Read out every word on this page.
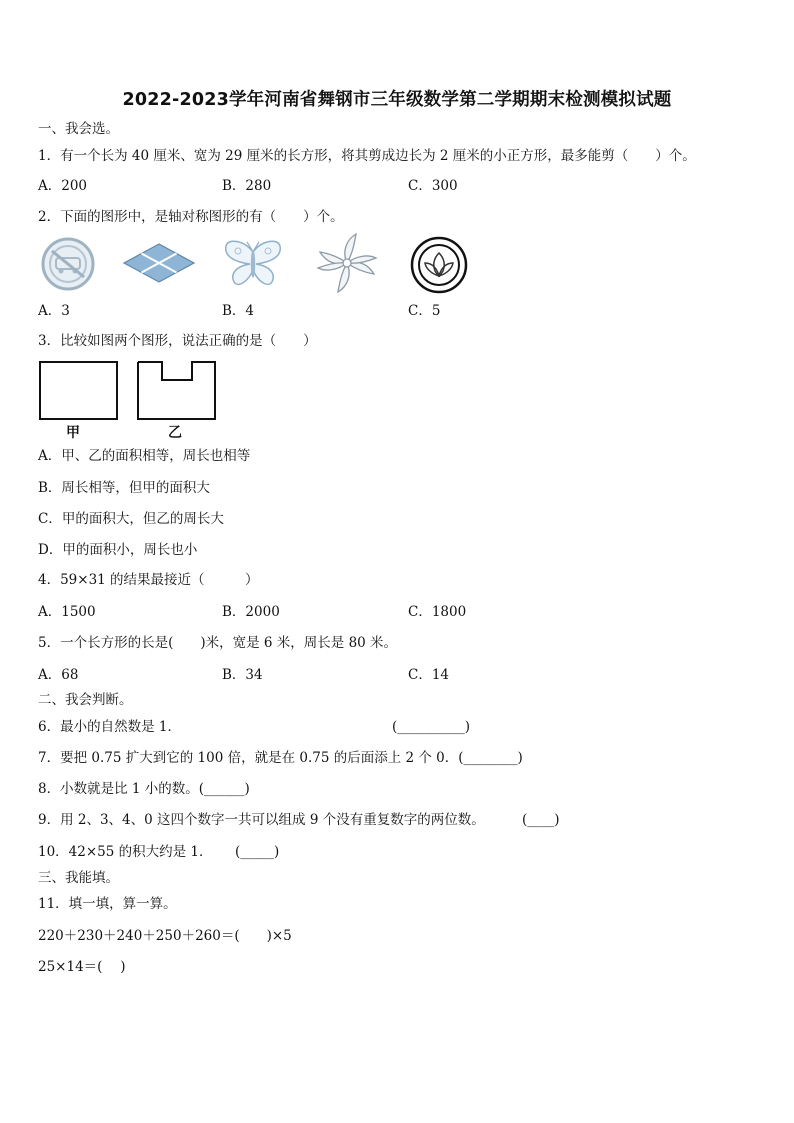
2022-2023学年河南省舞钢市三年级数学第二学期期末检测模拟试题
一、我会选。
1．有一个长为 40 厘米、宽为 29 厘米的长方形，将其剪成边长为 2 厘米的小正方形，最多能剪（　　）个。
A．200	B．280	C．300
2．下面的图形中，是轴对称图形的有（　　）个。
A．3	B．4	C．5
3．比较如图两个图形，说法正确的是（　　）
甲	乙
A．甲、乙的面积相等，周长也相等
B．周长相等，但甲的面积大
C．甲的面积大，但乙的周长大
D．甲的面积小，周长也小
4．59×31 的结果最接近（　　　）
A．1500	B．2000	C．1800
5．一个长方形的长是(　　)米，宽是 6 米，周长是 80 米。
A．68	B．34	C．14
二、我会判断。
6．最小的自然数是 1．	(__________)
7．要把 0.75 扩大到它的 100 倍，就是在 0.75 的后面添上 2 个 0．(________)
8．小数就是比 1 小的数。(______)
9．用 2、3、4、0 这四个数字一共可以组成 9 个没有重复数字的两位数。	(____)
10．42×55 的积大约是 1． (_____)
三、我能填。
11．填一填，算一算。
220＋230＋240＋250＋260＝(　　)×5
25×14＝(　 )
